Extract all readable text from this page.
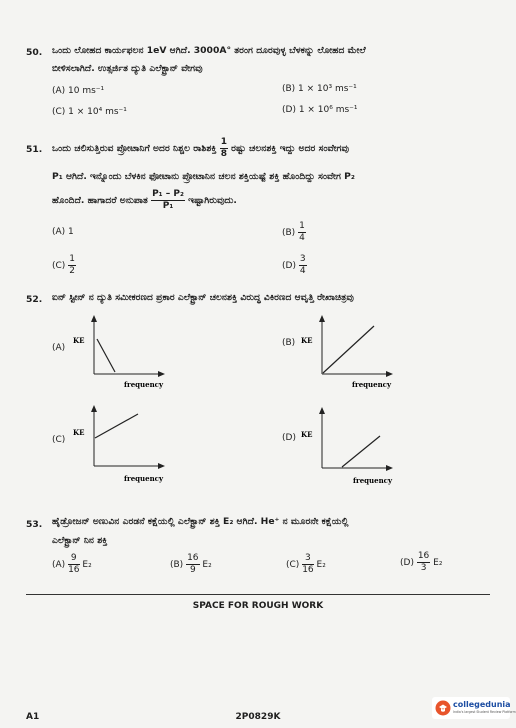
50. ಒಂದು ಲೋಹದ ಕಾರ್ಯಫಲನ 1eV ಆಗಿದೆ. 3000A° ತರಂಗ ದೂರವುಳ್ಳ ಬೆಳಕನ್ನು ಲೋಹದ ಮೇಲೆ
ಬೀಳಿಸಲಾಗಿದೆ. ಉತ್ಸರ್ಜಿತ ದ್ಯುತಿ ಎಲೆಕ್ಟ್ರಾನ್ ವೇಗವು
(A) 10 ms⁻¹	(B) 1 × 10³ ms⁻¹
(C) 1 × 10⁴ ms⁻¹	(D) 1 × 10⁶ ms⁻¹
51. ಒಂದು ಚಲಿಸುತ್ತಿರುವ ಪ್ರೋಟಾನಿಗೆ ಅದರ ನಿಶ್ಚಲ ರಾಶಿಶಕ್ತಿ $\frac{1}{8}$ ರಷ್ಟು ಚಲನಶಕ್ತಿ ಇದ್ದು ಅದರ ಸಂವೇಗವು
P₁ ಆಗಿದೆ. ಇನ್ನೊಂದು ಬೆಳಕಿನ ಫೋಟಾನು ಪ್ರೋಟಾನಿನ ಚಲನ ಶಕ್ತಿಯಷ್ಟೆ ಶಕ್ತಿ ಹೊಂದಿದ್ದು ಸಂವೇಗ P₂
ಹೊಂದಿದೆ. ಹಾಗಾದರೆ ಅನುಪಾತ $\frac{\text{P₁ – P₂}}{\text{P₁}}$ ಇಷ್ಟಾಗಿರುವುದು.
(A) 1	$(B) \frac{1}{4}$
$(C) \frac{1}{2}$	$(D) \frac{3}{4}$
52. ಐನ್ ಸ್ಟೀನ್ ನ ದ್ಯುತಿ ಸಮೀಕರಣದ ಪ್ರಕಾರ ಎಲೆಕ್ಟ್ರಾನ್ ಚಲನಶಕ್ತಿ ವಿರುದ್ಧ ವಿಕಿರಣದ ಆವೃತ್ತಿ ರೇಖಾಚಿತ್ರವು
(A)
KE
frequency
(B) KE
frequency
(C)
KE
frequency
(D) KE
frequency
53. ಹೈಡ್ರೋಜನ್ ಅಣುವಿನ ಎರಡನೆ ಕಕ್ಷೆಯಲ್ಲಿ ಎಲೆಕ್ಟ್ರಾನ್ ಶಕ್ತಿ E₂ ಆಗಿದೆ. He⁺ ನ ಮೂರನೇ ಕಕ್ಷೆಯಲ್ಲಿ
ಎಲೆಕ್ಟ್ರಾನ್ ನಿನ ಶಕ್ತಿ
$(A) \frac{9}{16} E_2$	$(B) \frac{16}{9} E_2$	$(C) \frac{3}{16} E_2$	$(D) \frac{16}{3} E_2$
SPACE FOR ROUGH WORK
A1	2P0829K
collegedunia
India's largest Student Review Platform
